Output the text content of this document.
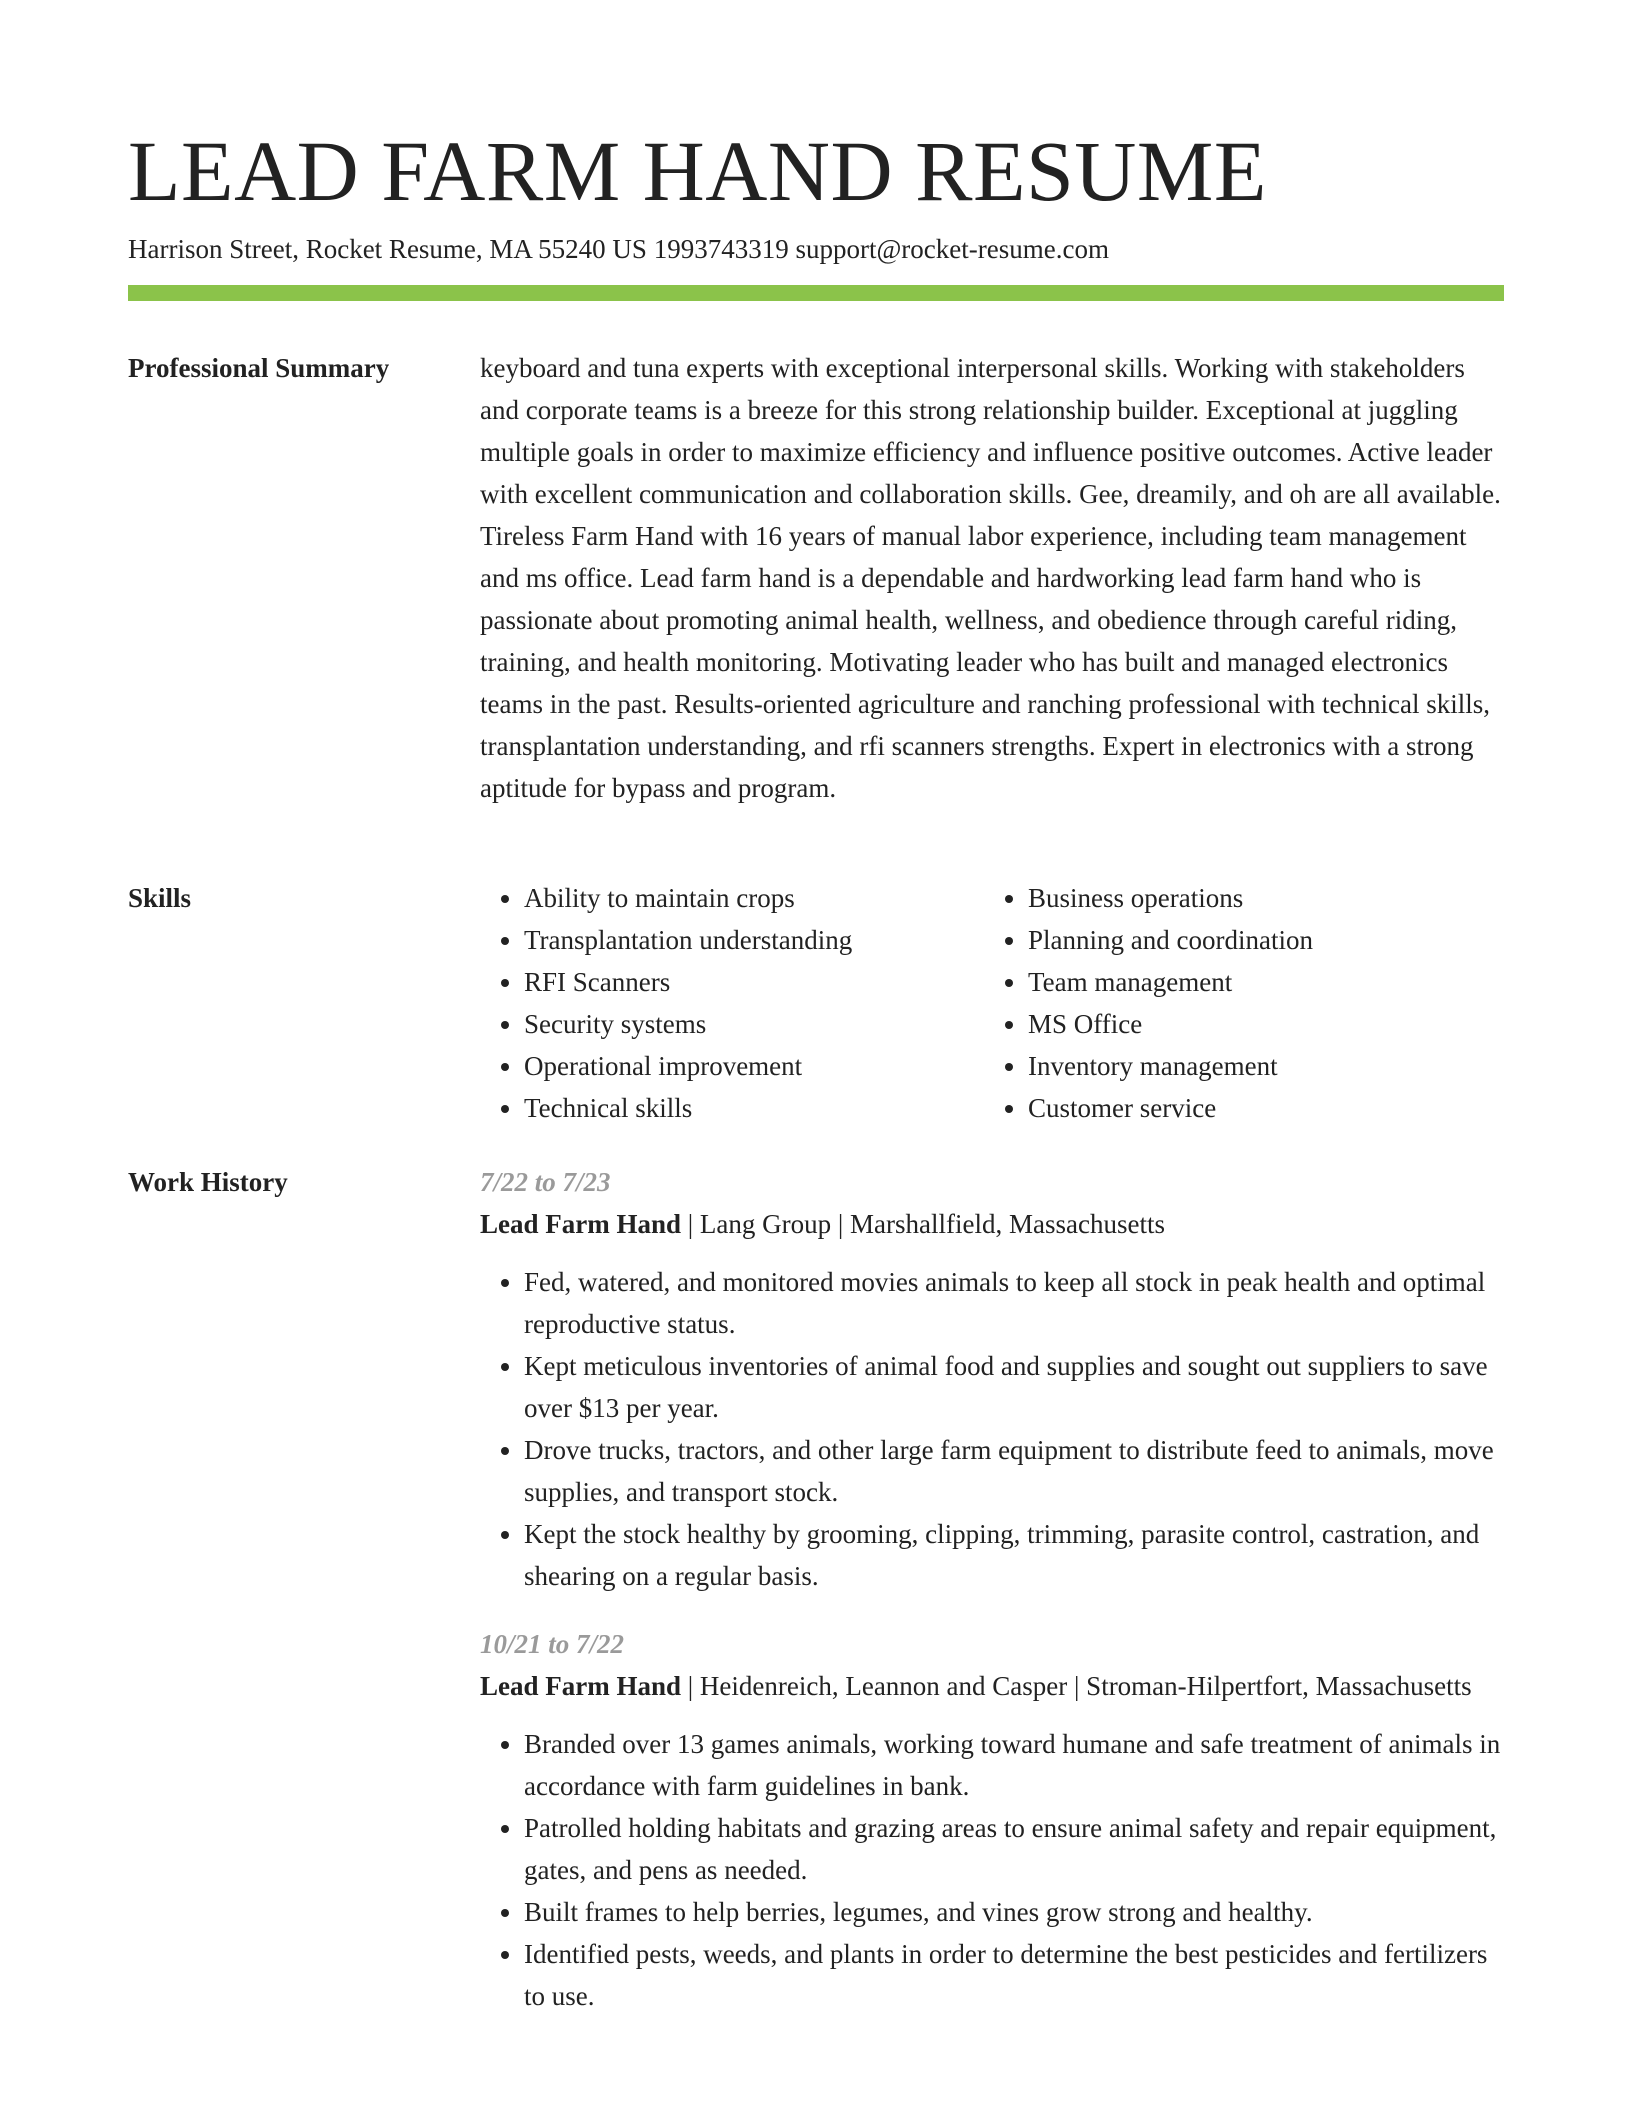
LEAD FARM HAND RESUME
Harrison Street, Rocket Resume, MA 55240 US 1993743319 support@rocket-resume.com
Professional Summary	keyboard and tuna experts with exceptional interpersonal skills. Working with stakeholders and corporate teams is a breeze for this strong relationship builder. Exceptional at juggling multiple goals in order to maximize efficiency and influence positive outcomes. Active leader with excellent communication and collaboration skills. Gee, dreamily, and oh are all available. Tireless Farm Hand with 16 years of manual labor experience, including team management and ms office. Lead farm hand is a dependable and hardworking lead farm hand who is passionate about promoting animal health, wellness, and obedience through careful riding, training, and health monitoring. Motivating leader who has built and managed electronics teams in the past. Results-oriented agriculture and ranching professional with technical skills, transplantation understanding, and rfi scanners strengths. Expert in electronics with a strong aptitude for bypass and program.

Skills
•	Ability to maintain crops
• Transplantation understanding
• RFI Scanners
• Security systems
• Operational improvement
• Technical skills
• Business operations
• Planning and coordination
• Team management
• MS Office
• Inventory management
• Customer service
Work History	7/22 to 7/23

Lead Farm Hand | Lang Group | Marshallfield, Massachusetts

• Fed, watered, and monitored movies animals to keep all stock in peak health and optimal reproductive status.
• Kept meticulous inventories of animal food and supplies and sought out suppliers to save over $13 per year.
• Drove trucks, tractors, and other large farm equipment to distribute feed to animals, move supplies, and transport stock.
• Kept the stock healthy by grooming, clipping, trimming, parasite control, castration, and shearing on a regular basis.
10/21 to 7/22

Lead Farm Hand | Heidenreich, Leannon and Casper | Stroman-Hilpertfort, Massachusetts

• Branded over 13 games animals, working toward humane and safe treatment of animals in accordance with farm guidelines in bank.
• Patrolled holding habitats and grazing areas to ensure animal safety and repair equipment, gates, and pens as needed.
• Built frames to help berries, legumes, and vines grow strong and healthy.
• Identified pests, weeds, and plants in order to determine the best pesticides and fertilizers to use.
